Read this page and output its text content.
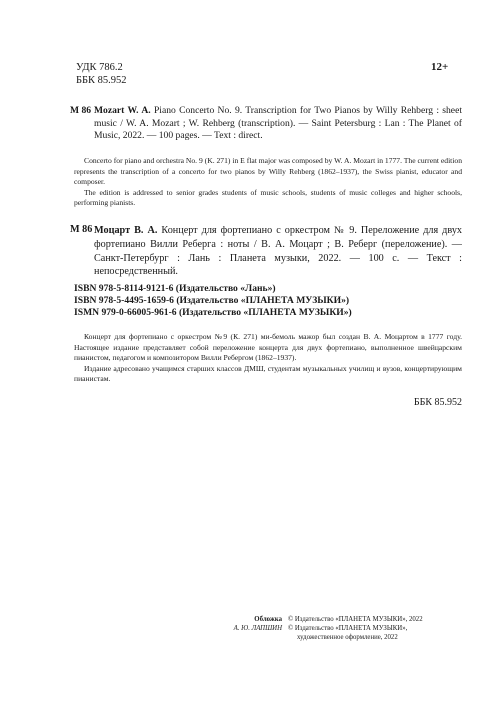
УДК 786.2
ББК 85.952
12+
M 86 Mozart W. A. Piano Concerto No. 9. Transcription for Two Pianos by Willy Rehberg : sheet music / W. A. Mozart ; W. Rehberg (transcription). — Saint Petersburg : Lan : The Planet of Music, 2022. — 100 pages. — Text : direct.

Concerto for piano and orchestra No. 9 (K. 271) in E flat major was composed by W. A. Mozart in 1777. The current edition represents the transcription of a concerto for two pianos by Willy Rehberg (1862–1937), the Swiss pianist, educator and composer.

The edition is addressed to senior grades students of music schools, students of music colleges and higher schools, performing pianists.

М 86 Моцарт В. А. Концерт для фортепиано с оркестром № 9. Переложение для двух фортепиано Вилли Реберга : ноты / В. А. Моцарт ; В. Реберг (переложение). — Санкт-Петербург : Лань : Планета музыки, 2022. — 100 с. — Текст : непосредственный.
ISBN 978-5-8114-9121-6 (Издательство «Лань»)
ISBN 978-5-4495-1659-6 (Издательство «ПЛАНЕТА МУЗЫКИ»)
ISMN 979-0-66005-961-6 (Издательство «ПЛАНЕТА МУЗЫКИ»)

Концерт для фортепиано с оркестром №9 (К. 271) ми-бемоль мажор был создан В. А. Моцартом в 1777 году. Настоящее издание представляет собой переложение концерта для двух фортепиано, выполненное швейцарским пианистом, педагогом и композитором Вилли Ребергом (1862–1937).

Издание адресовано учащимся старших классов ДМШ, студентам музыкальных училищ и вузов, концертирующим пианистам.

ББК 85.952
Обложка
А. Ю. ЛАПШИН
© Издательство «ПЛАНЕТА МУЗЫКИ», 2022
© Издательство «ПЛАНЕТА МУЗЫКИ»,
художественное оформление, 2022
